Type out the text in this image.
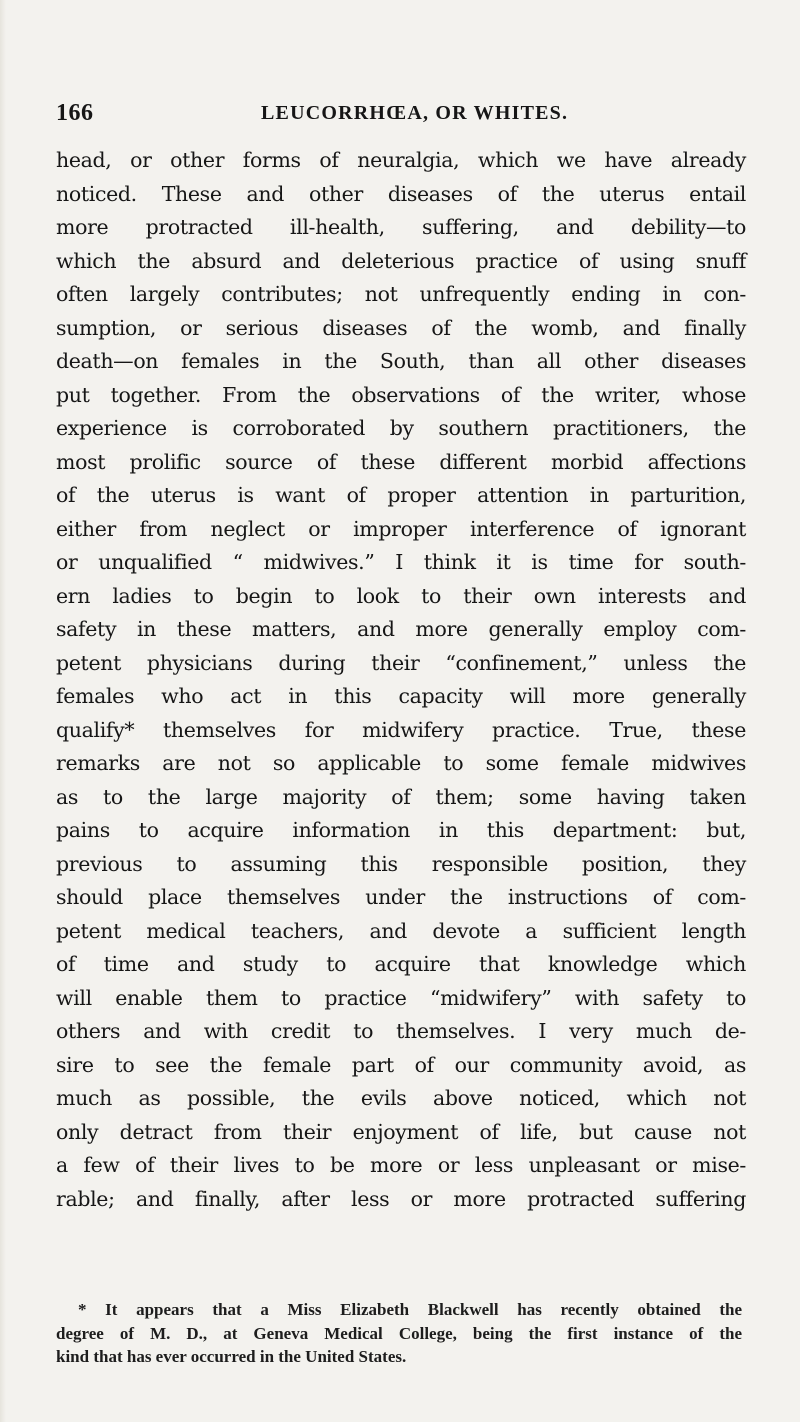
166	LEUCORRHŒA, OR WHITES.
head, or other forms of neuralgia, which we have already
noticed. These and other diseases of the uterus entail
more protracted ill-health, suffering, and debility—to
which the absurd and deleterious practice of using snuff
often largely contributes; not unfrequently ending in con-
sumption, or serious diseases of the womb, and finally
death—on females in the South, than all other diseases
put together. From the observations of the writer, whose
experience is corroborated by southern practitioners, the
most prolific source of these different morbid affections
of the uterus is want of proper attention in parturition,
either from neglect or improper interference of ignorant
or unqualified “ midwives.” I think it is time for south-
ern ladies to begin to look to their own interests and
safety in these matters, and more generally employ com-
petent physicians during their “confinement,” unless the
females who act in this capacity will more generally
qualify* themselves for midwifery practice. True, these
remarks are not so applicable to some female midwives
as to the large majority of them; some having taken
pains to acquire information in this department: but,
previous to assuming this responsible position, they
should place themselves under the instructions of com-
petent medical teachers, and devote a sufficient length
of time and study to acquire that knowledge which
will enable them to practice “midwifery” with safety to
others and with credit to themselves. I very much de-
sire to see the female part of our community avoid, as
much as possible, the evils above noticed, which not
only detract from their enjoyment of life, but cause not
a few of their lives to be more or less unpleasant or mise-
rable; and finally, after less or more protracted suffering
* It appears that a Miss Elizabeth Blackwell has recently obtained the
degree of M. D., at Geneva Medical College, being the first instance of the
kind that has ever occurred in the United States.
